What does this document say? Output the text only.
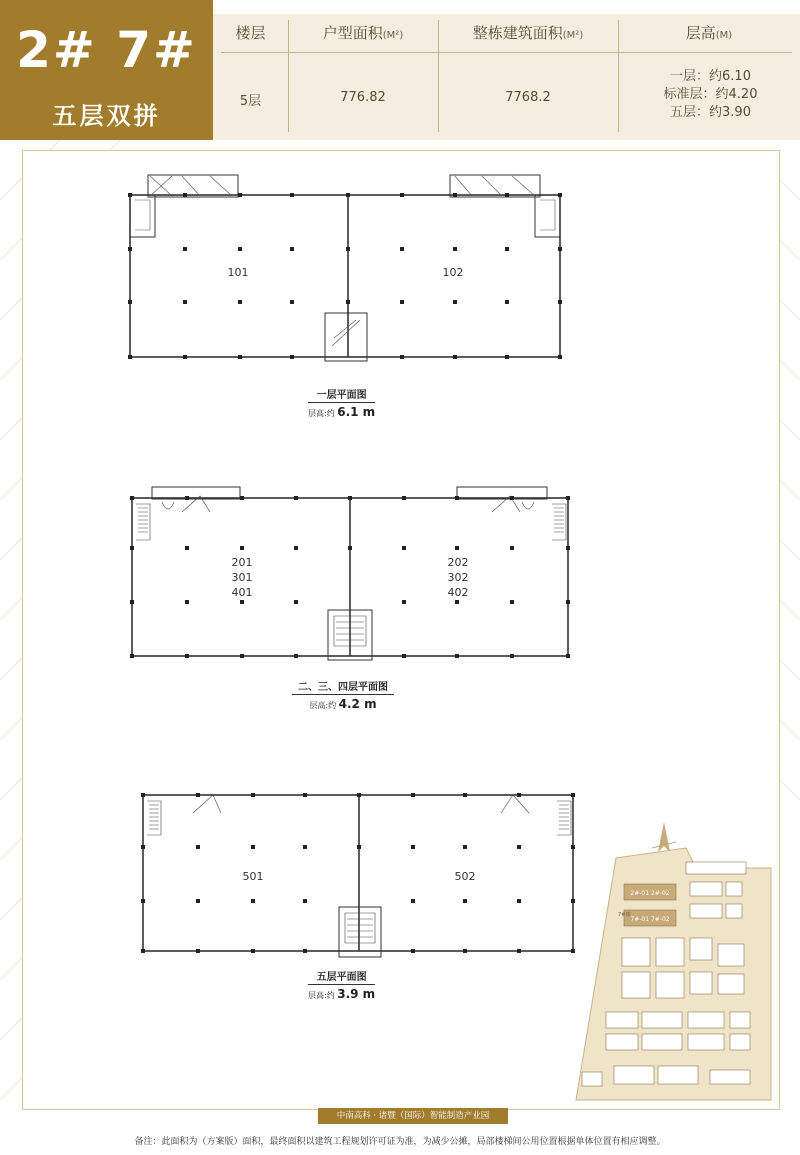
2# 7#
五层双拼
楼层	户型面积(M²)	整栋建筑面积(M²)	层高(M)
5层	776.82	7768.2
一层：约6.10
标准层：约4.20
五层：约3.90
101	102
一层平面图
层高:约 6.1 m
201 301 401
202 302 402
二、三、四层平面图
层高:约 4.2 m
501	502
五层平面图
层高:约 3.9 m
2#-01 2#-02
7#-01 7#-02
7#楼
中南高科 · 诸暨（国际）智能制造产业园
备注：此面积为（方案版）面积，最终面积以建筑工程规划许可证为准，为减少公摊，局部楼梯间公用位置根据单体位置有相应调整。
